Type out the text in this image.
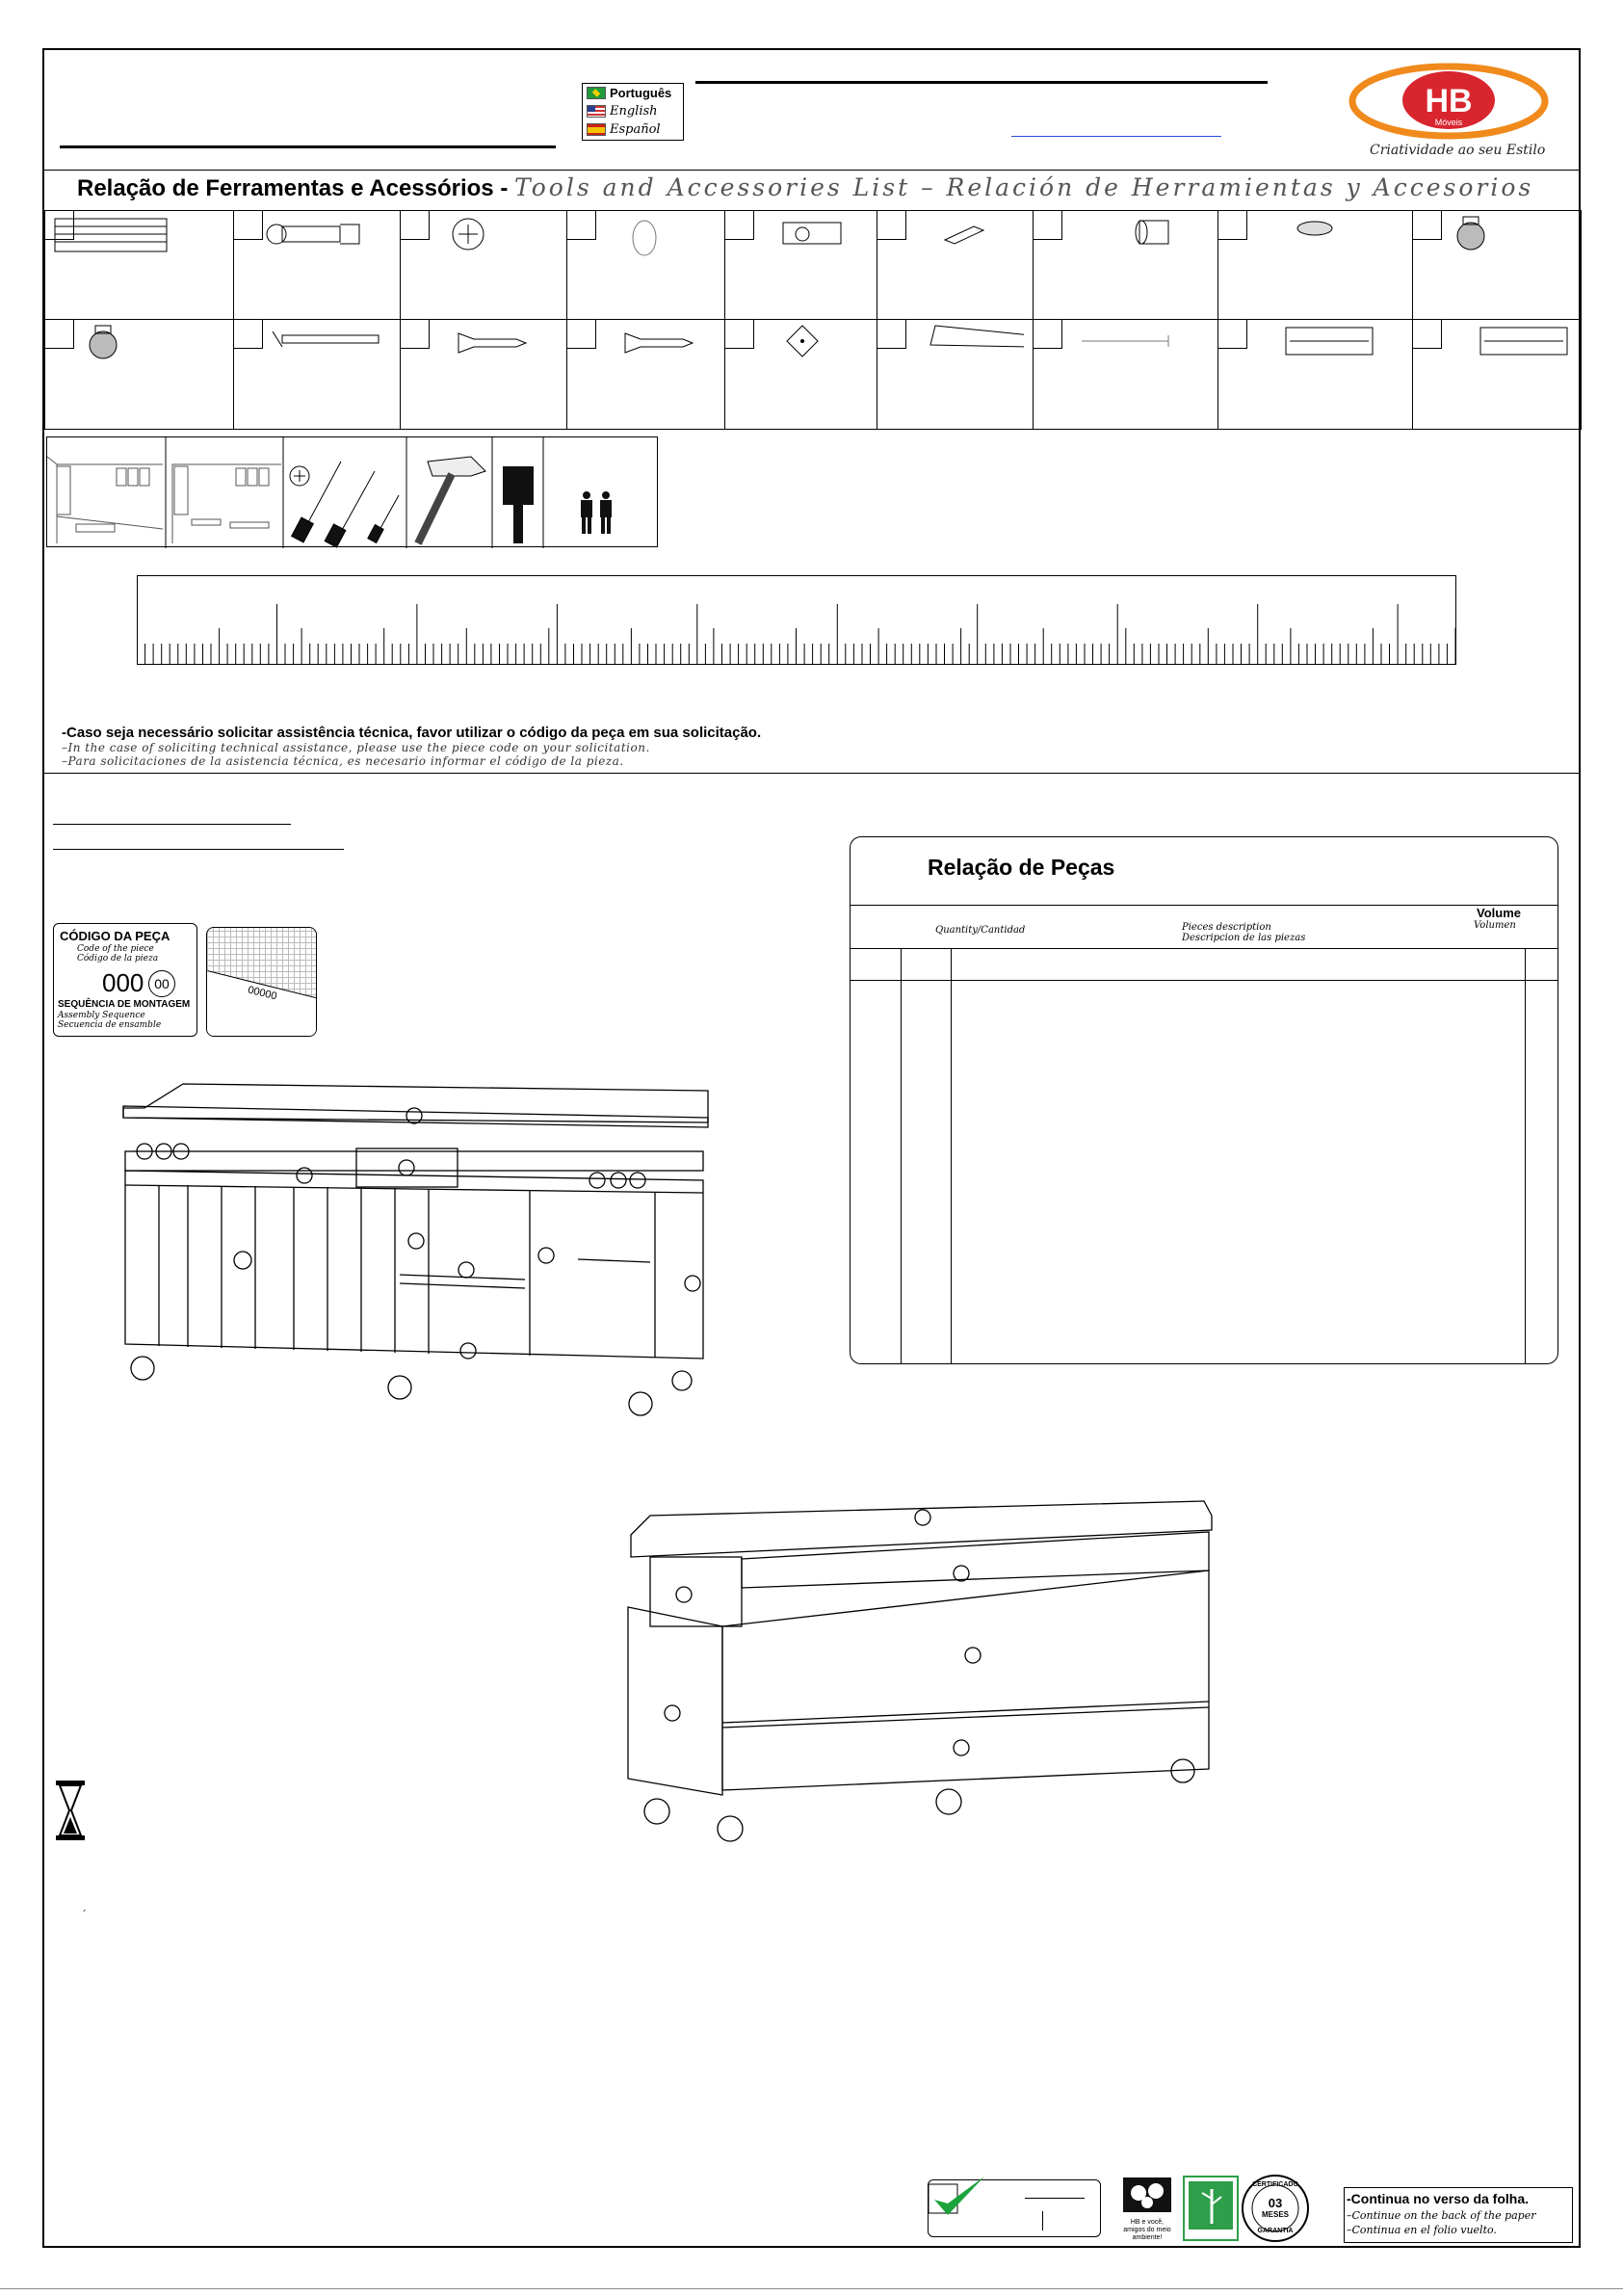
Português
English
Español
HB
Móveis
Criatividade ao seu Estilo
Relação de Ferramentas e Acessórios - Tools and Accessories List – Relación de Herramientas y Accesorios
-Caso seja necessário solicitar assistência técnica, favor utilizar o código da peça em sua solicitação.
–In the case of soliciting technical assistance, please use the piece code on your solicitation.
–Para solicitaciones de la asistencia técnica, es necesario informar el código de la pieza.
CÓDIGO DA PEÇA
Code of the piece
Código de la pieza
000 00
SEQUÊNCIA DE MONTAGEM
Assembly Sequence
Secuencia de ensamble
00000
Relação de Peças
Quantity/Cantidad	Pieces description
Descripcion de las piezas
Volume
Volumen
´
HB e você, amigos do meio ambiente!
CERTIFICADO
03
MESES
GARANTIA
-Continua no verso da folha.
–Continue on the back of the paper
–Continua en el folio vuelto.
